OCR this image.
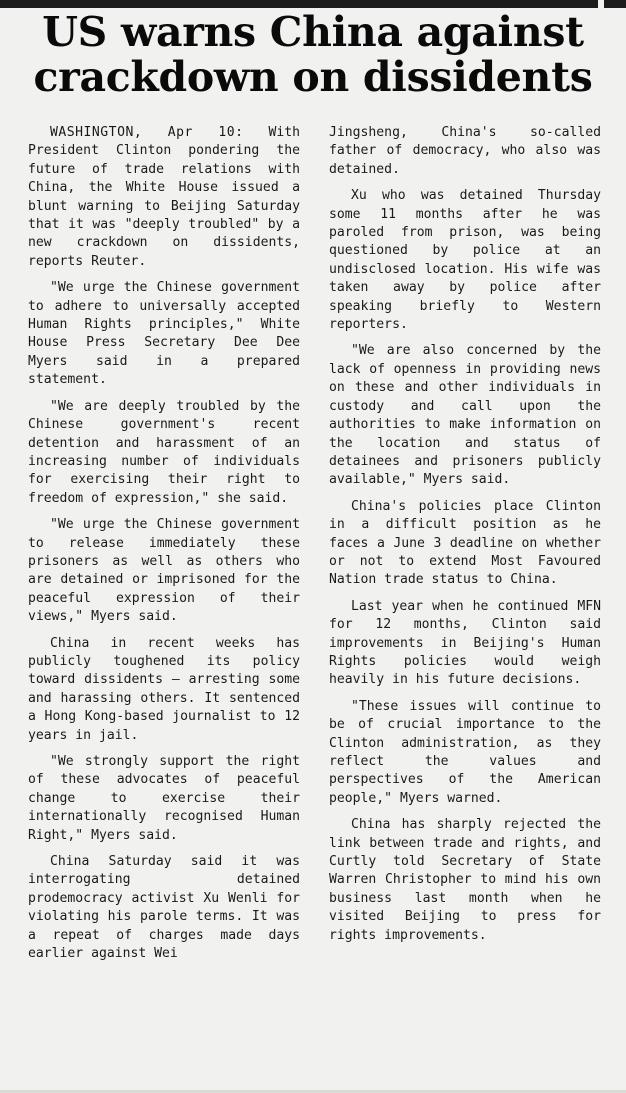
US warns China against
crackdown on dissidents

WASHINGTON, Apr 10: With President Clinton pondering the future of trade relations with China, the White House issued a blunt warning to Beijing Saturday that it was "deeply troubled" by a new crackdown on dissidents, reports Reuter.

"We urge the Chinese government to adhere to universally accepted Human Rights principles," White House Press Secretary Dee Dee Myers said in a prepared statement.

"We are deeply troubled by the Chinese government's recent detention and harassment of an increasing number of individuals for exercising their right to freedom of expression," she said.

"We urge the Chinese government to release immediately these prisoners as well as others who are detained or imprisoned for the peaceful expression of their views," Myers said.

China in recent weeks has publicly toughened its policy toward dissidents — arresting some and harassing others. It sentenced a Hong Kong-based journalist to 12 years in jail.

"We strongly support the right of these advocates of peaceful change to exercise their internationally recognised Human Right," Myers said.

China Saturday said it was interrogating detained prodemocracy activist Xu Wenli for violating his parole terms. It was a repeat of charges made days earlier against Wei

Jingsheng, China's so-called father of democracy, who also was detained.

Xu who was detained Thursday some 11 months after he was paroled from prison, was being questioned by police at an undisclosed location. His wife was taken away by police after speaking briefly to Western reporters.

"We are also concerned by the lack of openness in providing news on these and other individuals in custody and call upon the authorities to make information on the location and status of detainees and prisoners publicly available," Myers said.

China's policies place Clinton in a difficult position as he faces a June 3 deadline on whether or not to extend Most Favoured Nation trade status to China.

Last year when he continued MFN for 12 months, Clinton said improvements in Beijing's Human Rights policies would weigh heavily in his future decisions.

"These issues will continue to be of crucial importance to the Clinton administration, as they reflect the values and perspectives of the American people," Myers warned.

China has sharply rejected the link between trade and rights, and Curtly told Secretary of State Warren Christopher to mind his own business last month when he visited Beijing to press for rights improvements.
